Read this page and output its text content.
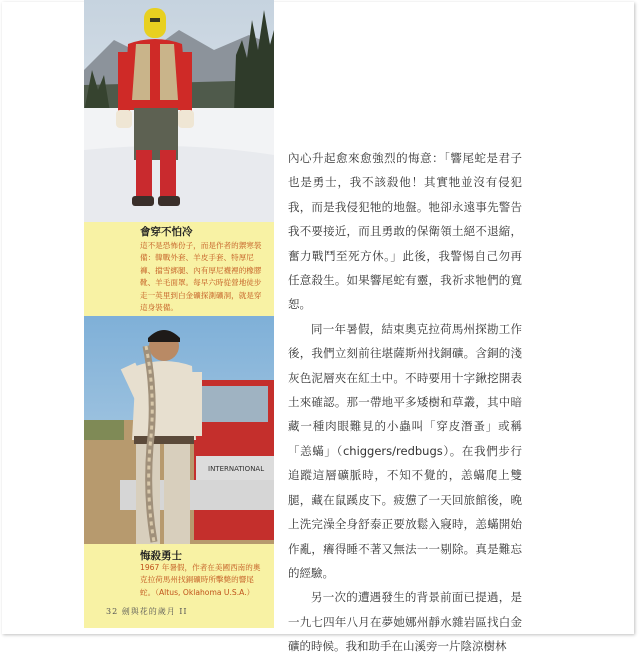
會穿不怕冷
這不是恐怖份子，而是作者的禦寒裝備：韓戰外套、羊皮手套、特厚尼褲、擋雪綁腿、內有厚尼襪裡的橡膠靴、羊毛面罩。每早六時從營地徒步走一英里到白金礦探測礦洞，就是穿這身裝備。
INTERNATIONAL
悔殺勇士
1967 年暑假，作者在美國西南的奧克拉荷馬州找銅礦時所擊斃的響尾蛇。（Altus, Oklahoma U.S.A.）
32 劍與花的歲月 II

內心升起愈來愈強烈的悔意：「響尾蛇是君子也是勇士，我不該殺他！其實牠並沒有侵犯我，而是我侵犯牠的地盤。牠卻永遠事先警告我不要接近，而且勇敢的保衛領土絕不退縮，奮力戰鬥至死方休。」此後，我警惕自己勿再任意殺生。如果響尾蛇有靈，我祈求牠們的寬恕。

同一年暑假，結束奧克拉荷馬州探勘工作後，我們立刻前往堪薩斯州找銅礦。含銅的淺灰色泥層夾在紅土中。不時要用十字鍬挖開表土來確認。那一帶地平多矮樹和草叢，其中暗藏一種肉眼難見的小蟲叫「穿皮潛蚤」或稱「恙蟎」（chiggers/redbugs）。在我們步行追蹤這層礦脈時，不知不覺的，恙蟎爬上雙腿，藏在鼠蹊皮下。疲憊了一天回旅館後，晚上洗完澡全身舒泰正要放鬆入寢時，恙蟎開始作亂，癢得睡不著又無法一一剔除。真是難忘的經驗。

另一次的遭遇發生的背景前面已提過，是一九七四年八月在夢她娜州靜水雜岩區找白金礦的時候。我和助手在山溪旁一片陰涼樹林
